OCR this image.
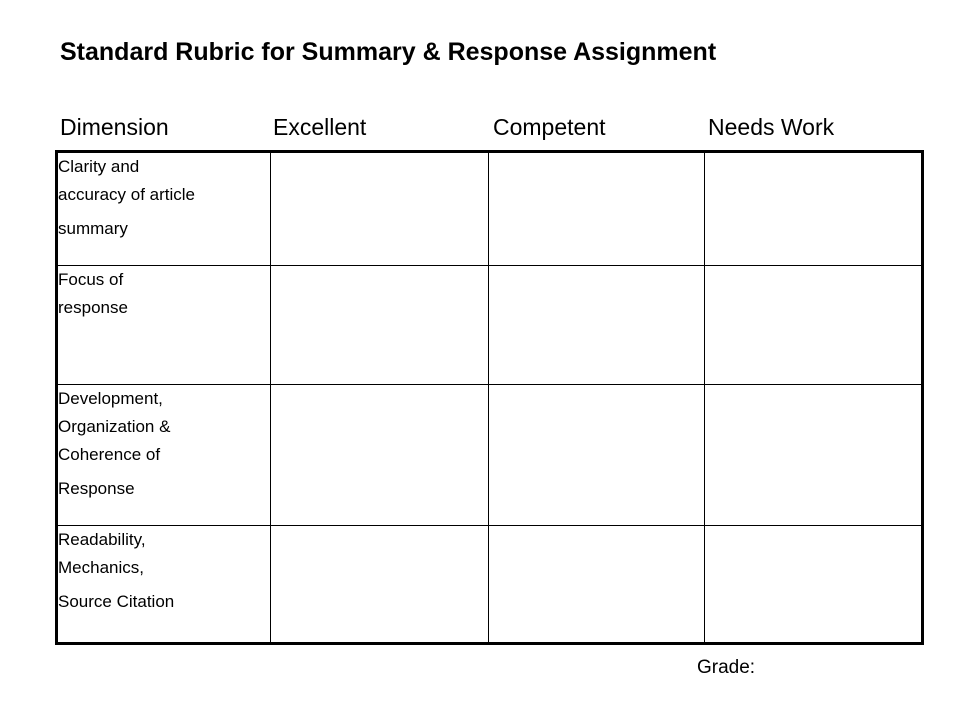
Standard Rubric for Summary & Response Assignment
Dimension	Excellent	Competent	Needs Work
Clarity and
accuracy of article
summary			

Focus of
response			

Development,
Organization &
Coherence of
Response			

Readability,
Mechanics,
Source Citation			

Grade:
